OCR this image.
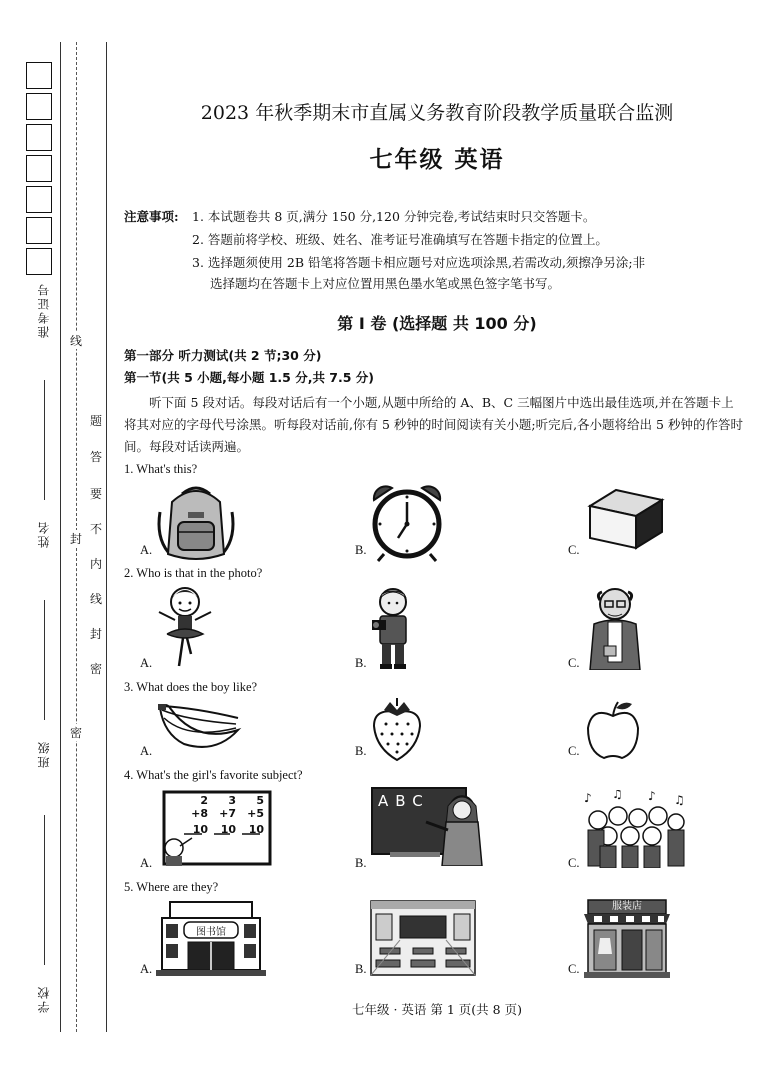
准考证号
姓名
班级
学校
线
封
密
密
封
线
内
不
要
答
题
2023 年秋季期末市直属义务教育阶段教学质量联合监测
七年级 英语
注意事项: 1. 本试题卷共 8 页,满分 150 分,120 分钟完卷,考试结束时只交答题卡。
2. 答题前将学校、班级、姓名、准考证号准确填写在答题卡指定的位置上。
3. 选择题须使用 2B 铅笔将答题卡相应题号对应选项涂黑,若需改动,须擦净另涂;非
选择题均在答题卡上对应位置用黑色墨水笔或黑色签字笔书写。
第 Ⅰ 卷 (选择题 共 100 分)
第一部分 听力测试(共 2 节;30 分)
第一节(共 5 小题,每小题 1.5 分,共 7.5 分)
听下面 5 段对话。每段对话后有一个小题,从题中所给的 A、B、C 三幅图片中选出最佳选项,并在答题卡上将其对应的字母代号涂黑。听每段对话前,你有 5 秒钟的时间阅读有关小题;听完后,各小题将给出 5 秒钟的作答时间。每段对话读两遍。
1. What's this?
A.	B.	C.
2. Who is that in the photo?
A.	B.	C.
3. What does the boy like?
A.	B.	C.
4. What's the girl's favorite subject?
A.	B.	C.
2
+8
10
3
+7
10
5
+5
10
ABC	♪ ♫ ♪ ♫
5. Where are they?
A.	B.	C.
图书馆
服装店
七年级 · 英语 第 1 页(共 8 页)
